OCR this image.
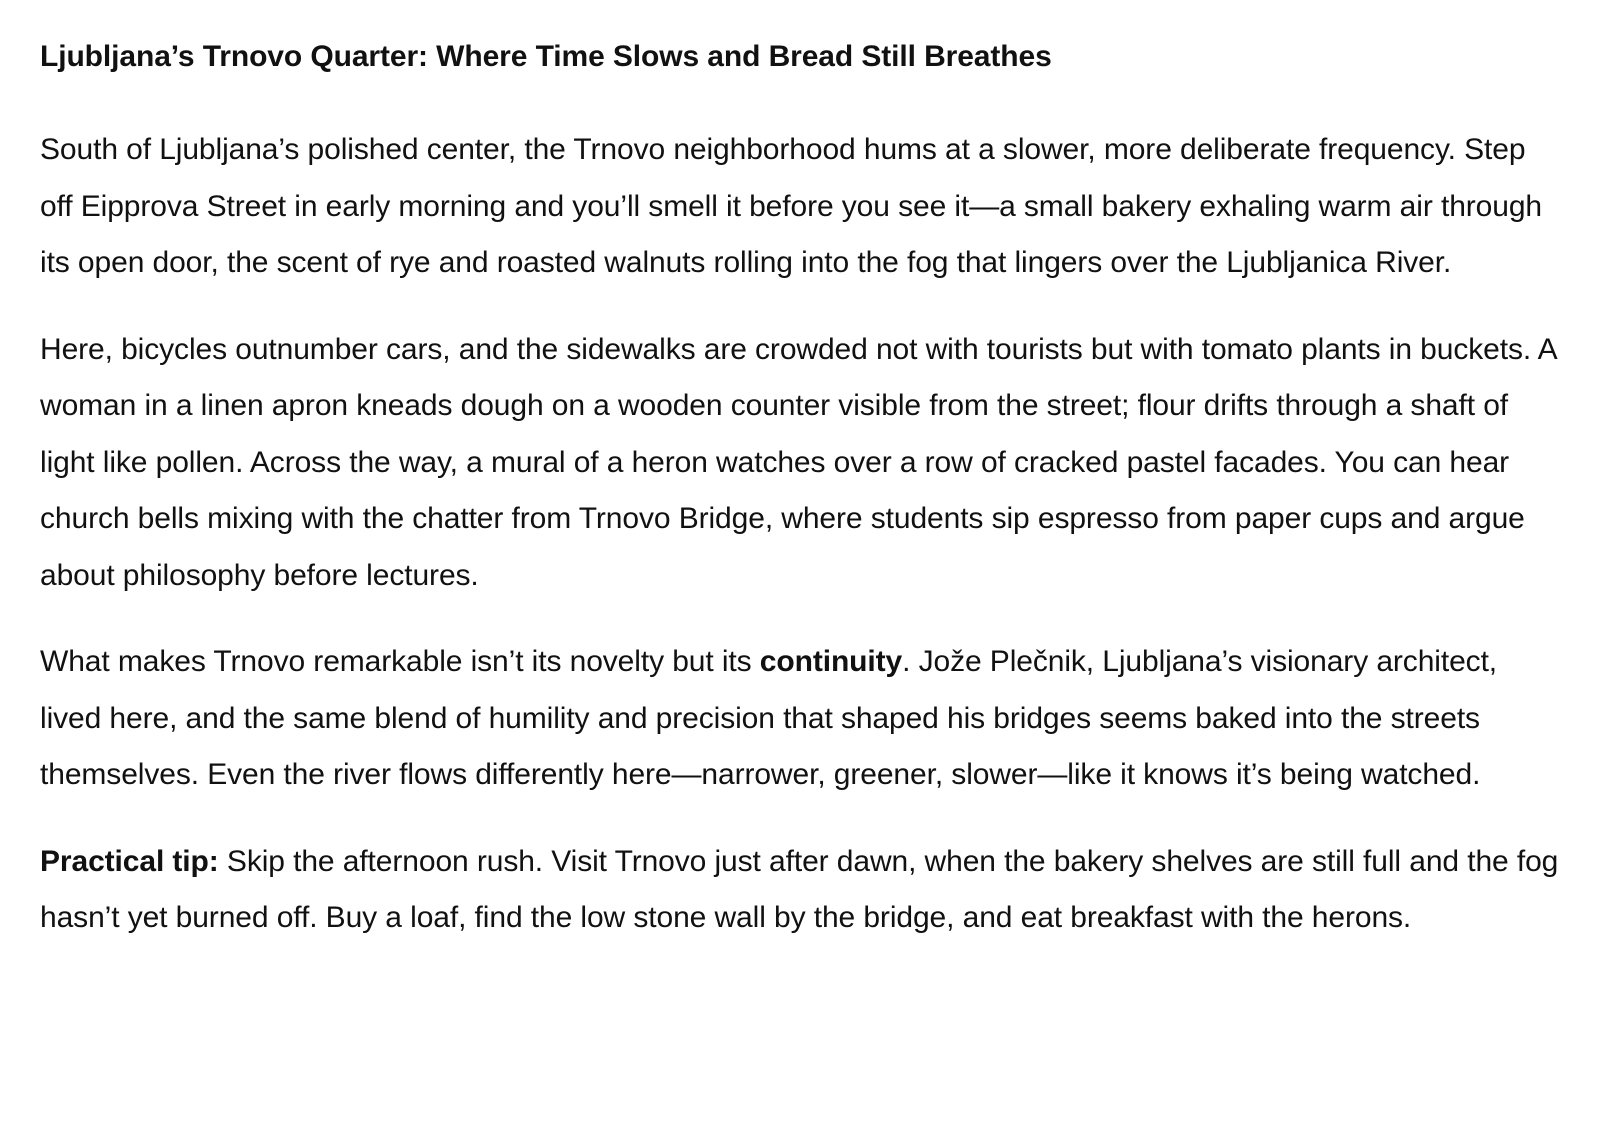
Ljubljana’s Trnovo Quarter: Where Time Slows and Bread Still Breathes

South of Ljubljana’s polished center, the Trnovo neighborhood hums at a slower, more deliberate frequency. Step off Eipprova Street in early morning and you’ll smell it before you see it—a small bakery exhaling warm air through its open door, the scent of rye and roasted walnuts rolling into the fog that lingers over the Ljubljanica River.

Here, bicycles outnumber cars, and the sidewalks are crowded not with tourists but with tomato plants in buckets. A woman in a linen apron kneads dough on a wooden counter visible from the street; flour drifts through a shaft of light like pollen. Across the way, a mural of a heron watches over a row of cracked pastel facades. You can hear church bells mixing with the chatter from Trnovo Bridge, where students sip espresso from paper cups and argue about philosophy before lectures.

What makes Trnovo remarkable isn’t its novelty but its continuity. Jože Plečnik, Ljubljana’s visionary architect, lived here, and the same blend of humility and precision that shaped his bridges seems baked into the streets themselves. Even the river flows differently here—narrower, greener, slower—like it knows it’s being watched.

Practical tip: Skip the afternoon rush. Visit Trnovo just after dawn, when the bakery shelves are still full and the fog hasn’t yet burned off. Buy a loaf, find the low stone wall by the bridge, and eat breakfast with the herons.
